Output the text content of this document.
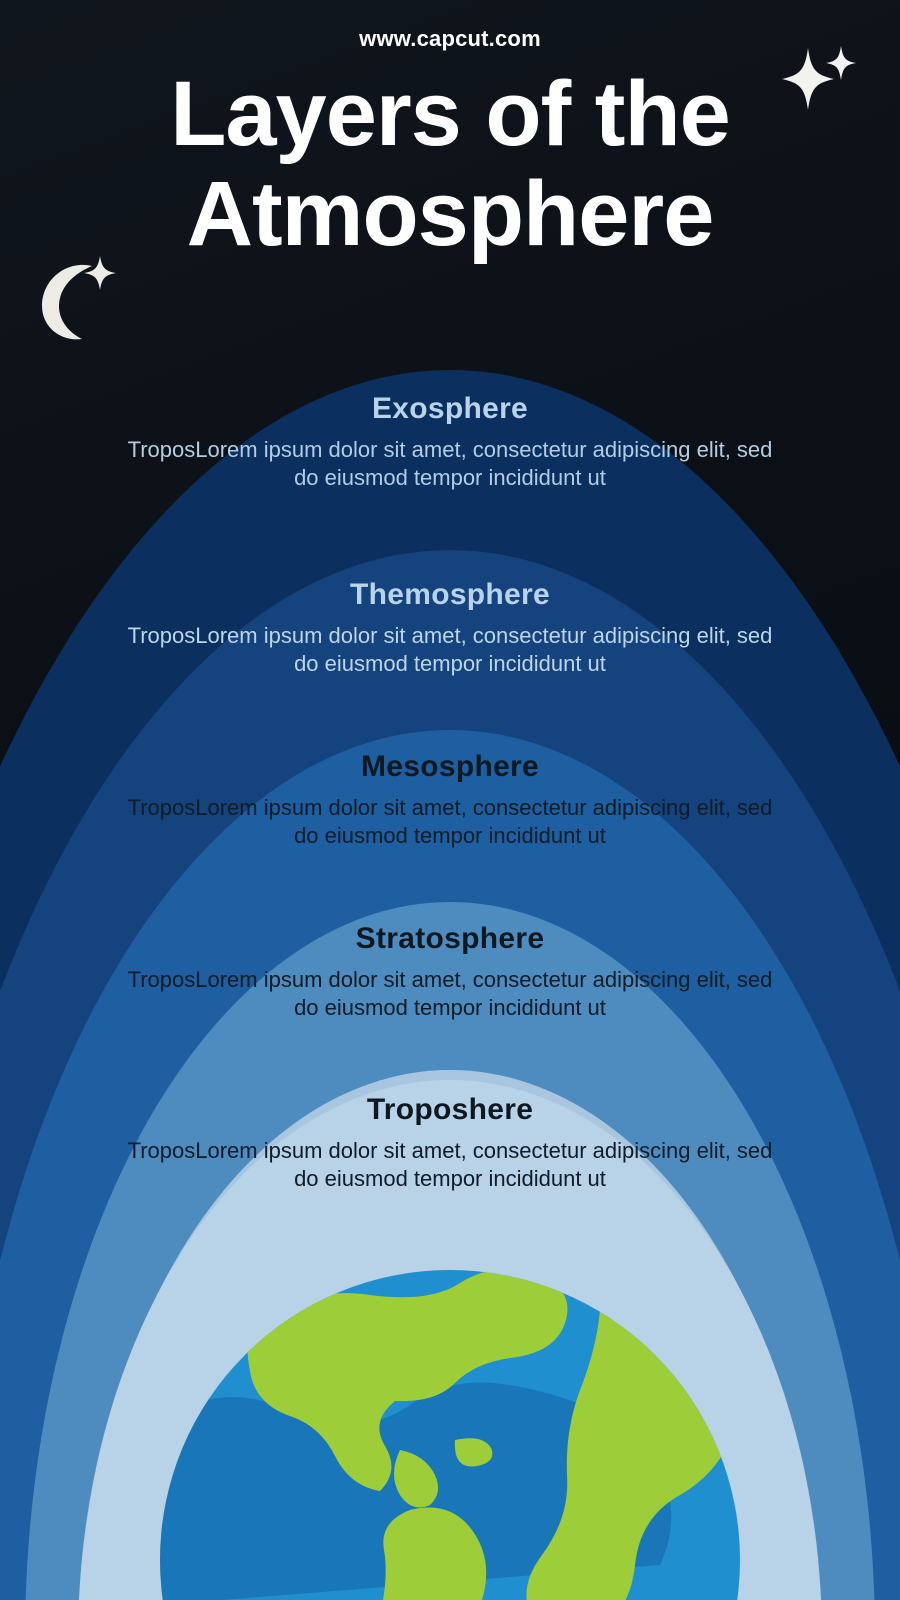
www.capcut.com
Layers of the
Atmosphere
Exosphere
TroposLorem ipsum dolor sit amet, consectetur adipiscing elit, sed do eiusmod tempor incididunt ut
Themosphere
TroposLorem ipsum dolor sit amet, consectetur adipiscing elit, sed do eiusmod tempor incididunt ut
Mesosphere
TroposLorem ipsum dolor sit amet, consectetur adipiscing elit, sed do eiusmod tempor incididunt ut
Stratosphere
TroposLorem ipsum dolor sit amet, consectetur adipiscing elit, sed do eiusmod tempor incididunt ut
Troposhere
TroposLorem ipsum dolor sit amet, consectetur adipiscing elit, sed do eiusmod tempor incididunt ut
